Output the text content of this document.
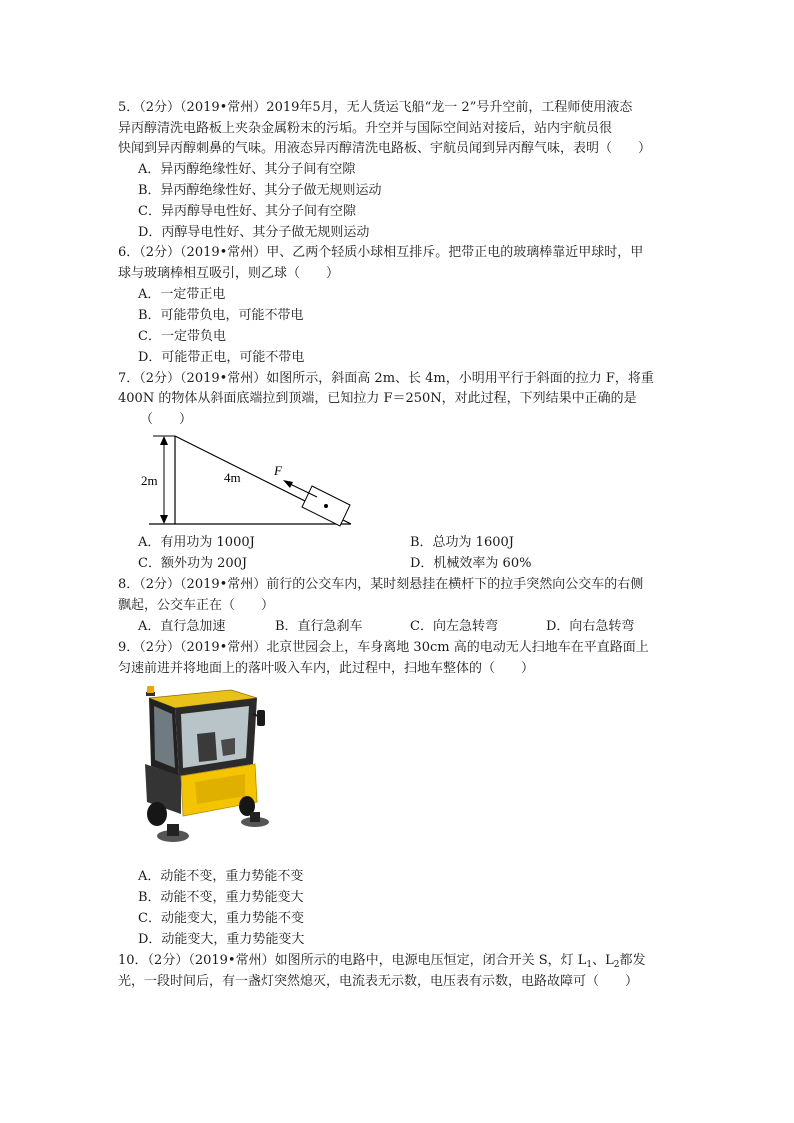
5．（2分）（2019•常州）2019年5月，无人货运飞船“龙一 2”号升空前，工程师使用液态
异丙醇清洗电路板上夹杂金属粉末的污垢。升空并与国际空间站对接后，站内宇航员很
快闻到异丙醇刺鼻的气味。用液态异丙醇清洗电路板、宇航员闻到异丙醇气味，表明（　　）
A．异丙醇绝缘性好、其分子间有空隙
B．异丙醇绝缘性好、其分子做无规则运动
C．异丙醇导电性好、其分子间有空隙
D．丙醇导电性好、其分子做无规则运动
6．（2分）（2019•常州）甲、乙两个轻质小球相互排斥。把带正电的玻璃棒靠近甲球时，甲
球与玻璃棒相互吸引，则乙球（　　）
A．一定带正电
B．可能带负电，可能不带电
C．一定带负电
D．可能带正电，可能不带电
7．（2分）（2019•常州）如图所示，斜面高 2m、长 4m，小明用平行于斜面的拉力 F，将重
400N 的物体从斜面底端拉到顶端，已知拉力 F＝250N，对此过程，下列结果中正确的是
（　　）
2m	4m	F
A．有用功为 1000J	B．总功为 1600J
C．额外功为 200J	D．机械效率为 60%
8．（2分）（2019•常州）前行的公交车内，某时刻悬挂在横杆下的拉手突然向公交车的右侧
飘起，公交车正在（　　）
A．直行急加速	B．直行急刹车	C．向左急转弯	D．向右急转弯
9．（2分）（2019•常州）北京世园会上，车身离地 30cm 高的电动无人扫地车在平直路面上
匀速前进并将地面上的落叶吸入车内，此过程中，扫地车整体的（　　）
A．动能不变，重力势能不变
B．动能不变，重力势能变大
C．动能变大，重力势能不变
D．动能变大，重力势能变大
10．（2分）（2019•常州）如图所示的电路中，电源电压恒定，闭合开关 S，灯 $L_1$、$L_2$都发
光，一段时间后，有一盏灯突然熄灭，电流表无示数，电压表有示数，电路故障可（　　）
